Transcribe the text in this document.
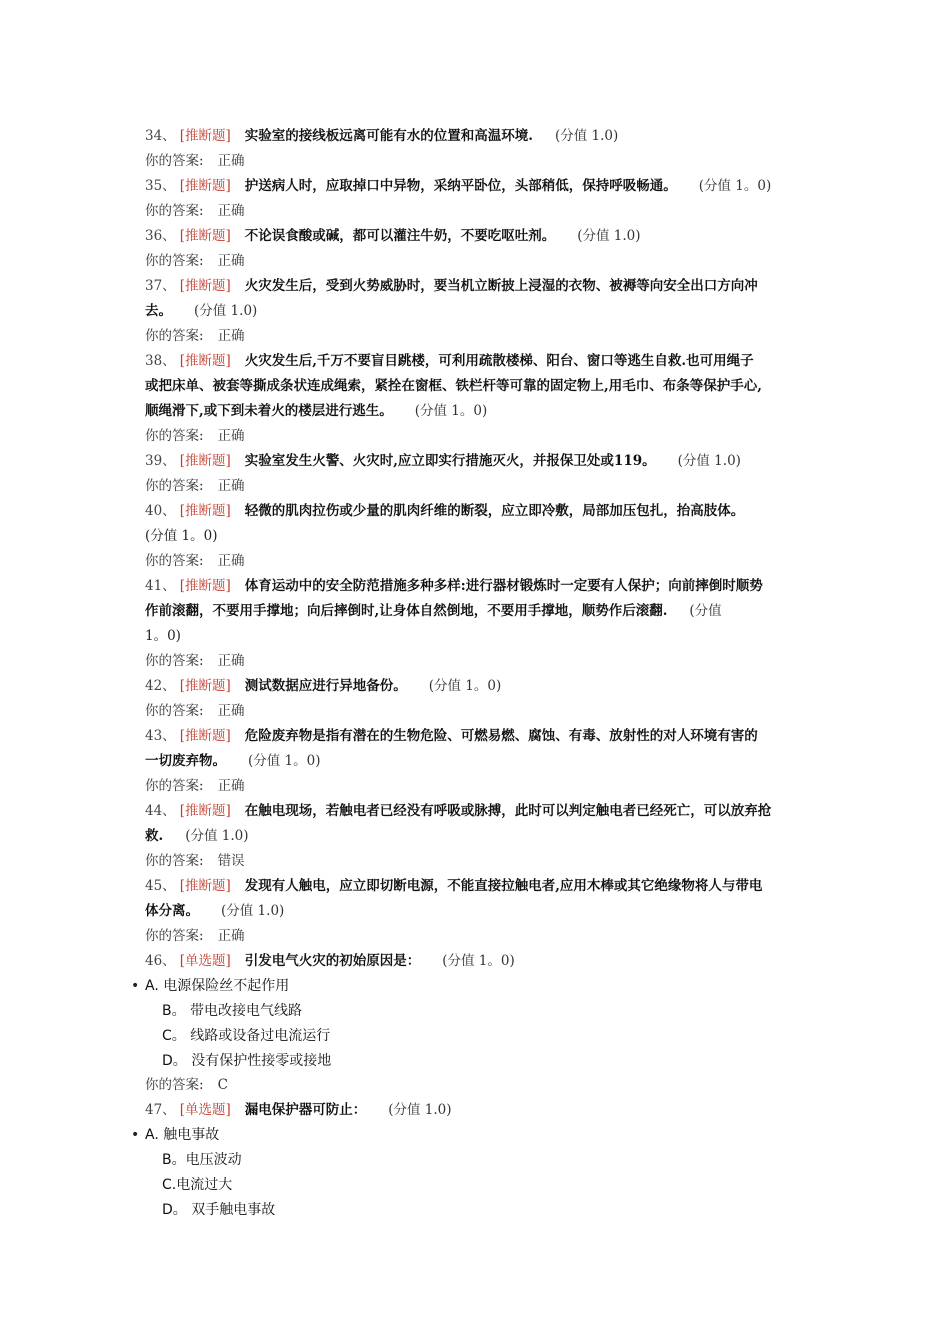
34、 [推断题] 实验室的接线板远离可能有水的位置和高温环境. (分值 1.0)
你的答案: 正确
35、 [推断题] 护送病人时，应取掉口中异物，采纳平卧位，头部稍低，保持呼吸畅通。 (分值 1。0)
你的答案: 正确
36、 [推断题] 不论误食酸或碱，都可以灌注牛奶，不要吃呕吐剂。 (分值 1.0)
你的答案: 正确
37、 [推断题] 火灾发生后，受到火势威胁时，要当机立断披上浸湿的衣物、被褥等向安全出口方向冲
去。 (分值 1.0)
你的答案: 正确
38、 [推断题] 火灾发生后,千万不要盲目跳楼，可利用疏散楼梯、阳台、窗口等逃生自救.也可用绳子
或把床单、被套等撕成条状连成绳索，紧拴在窗框、铁栏杆等可靠的固定物上,用毛巾、布条等保护手心,
顺绳滑下,或下到未着火的楼层进行逃生。 (分值 1。0)
你的答案: 正确
39、 [推断题] 实验室发生火警、火灾时,应立即实行措施灭火，并报保卫处或119。 (分值 1.0)
你的答案: 正确
40、 [推断题] 轻微的肌肉拉伤或少量的肌肉纤维的断裂，应立即冷敷，局部加压包扎，抬高肢体。
(分值 1。0)
你的答案: 正确
41、 [推断题] 体育运动中的安全防范措施多种多样:进行器材锻炼时一定要有人保护；向前摔倒时顺势
作前滚翻，不要用手撑地；向后摔倒时,让身体自然倒地，不要用手撑地，顺势作后滚翻. (分值
1。0)
你的答案: 正确
42、 [推断题] 测试数据应进行异地备份。 (分值 1。0)
你的答案: 正确
43、 [推断题] 危险废弃物是指有潜在的生物危险、可燃易燃、腐蚀、有毒、放射性的对人环境有害的
一切废弃物。 (分值 1。0)
你的答案: 正确
44、 [推断题] 在触电现场，若触电者已经没有呼吸或脉搏，此时可以判定触电者已经死亡，可以放弃抢
救. (分值 1.0)
你的答案: 错误
45、 [推断题] 发现有人触电，应立即切断电源，不能直接拉触电者,应用木棒或其它绝缘物将人与带电
体分离。 (分值 1.0)
你的答案: 正确
46、 [单选题] 引发电气火灾的初始原因是： (分值 1。0)
• A. 电源保险丝不起作用
B。 带电改接电气线路
C。 线路或设备过电流运行
D。 没有保护性接零或接地
你的答案: C
47、 [单选题] 漏电保护器可防止： (分值 1.0)
• A. 触电事故
B。电压波动
C.电流过大
D。 双手触电事故
